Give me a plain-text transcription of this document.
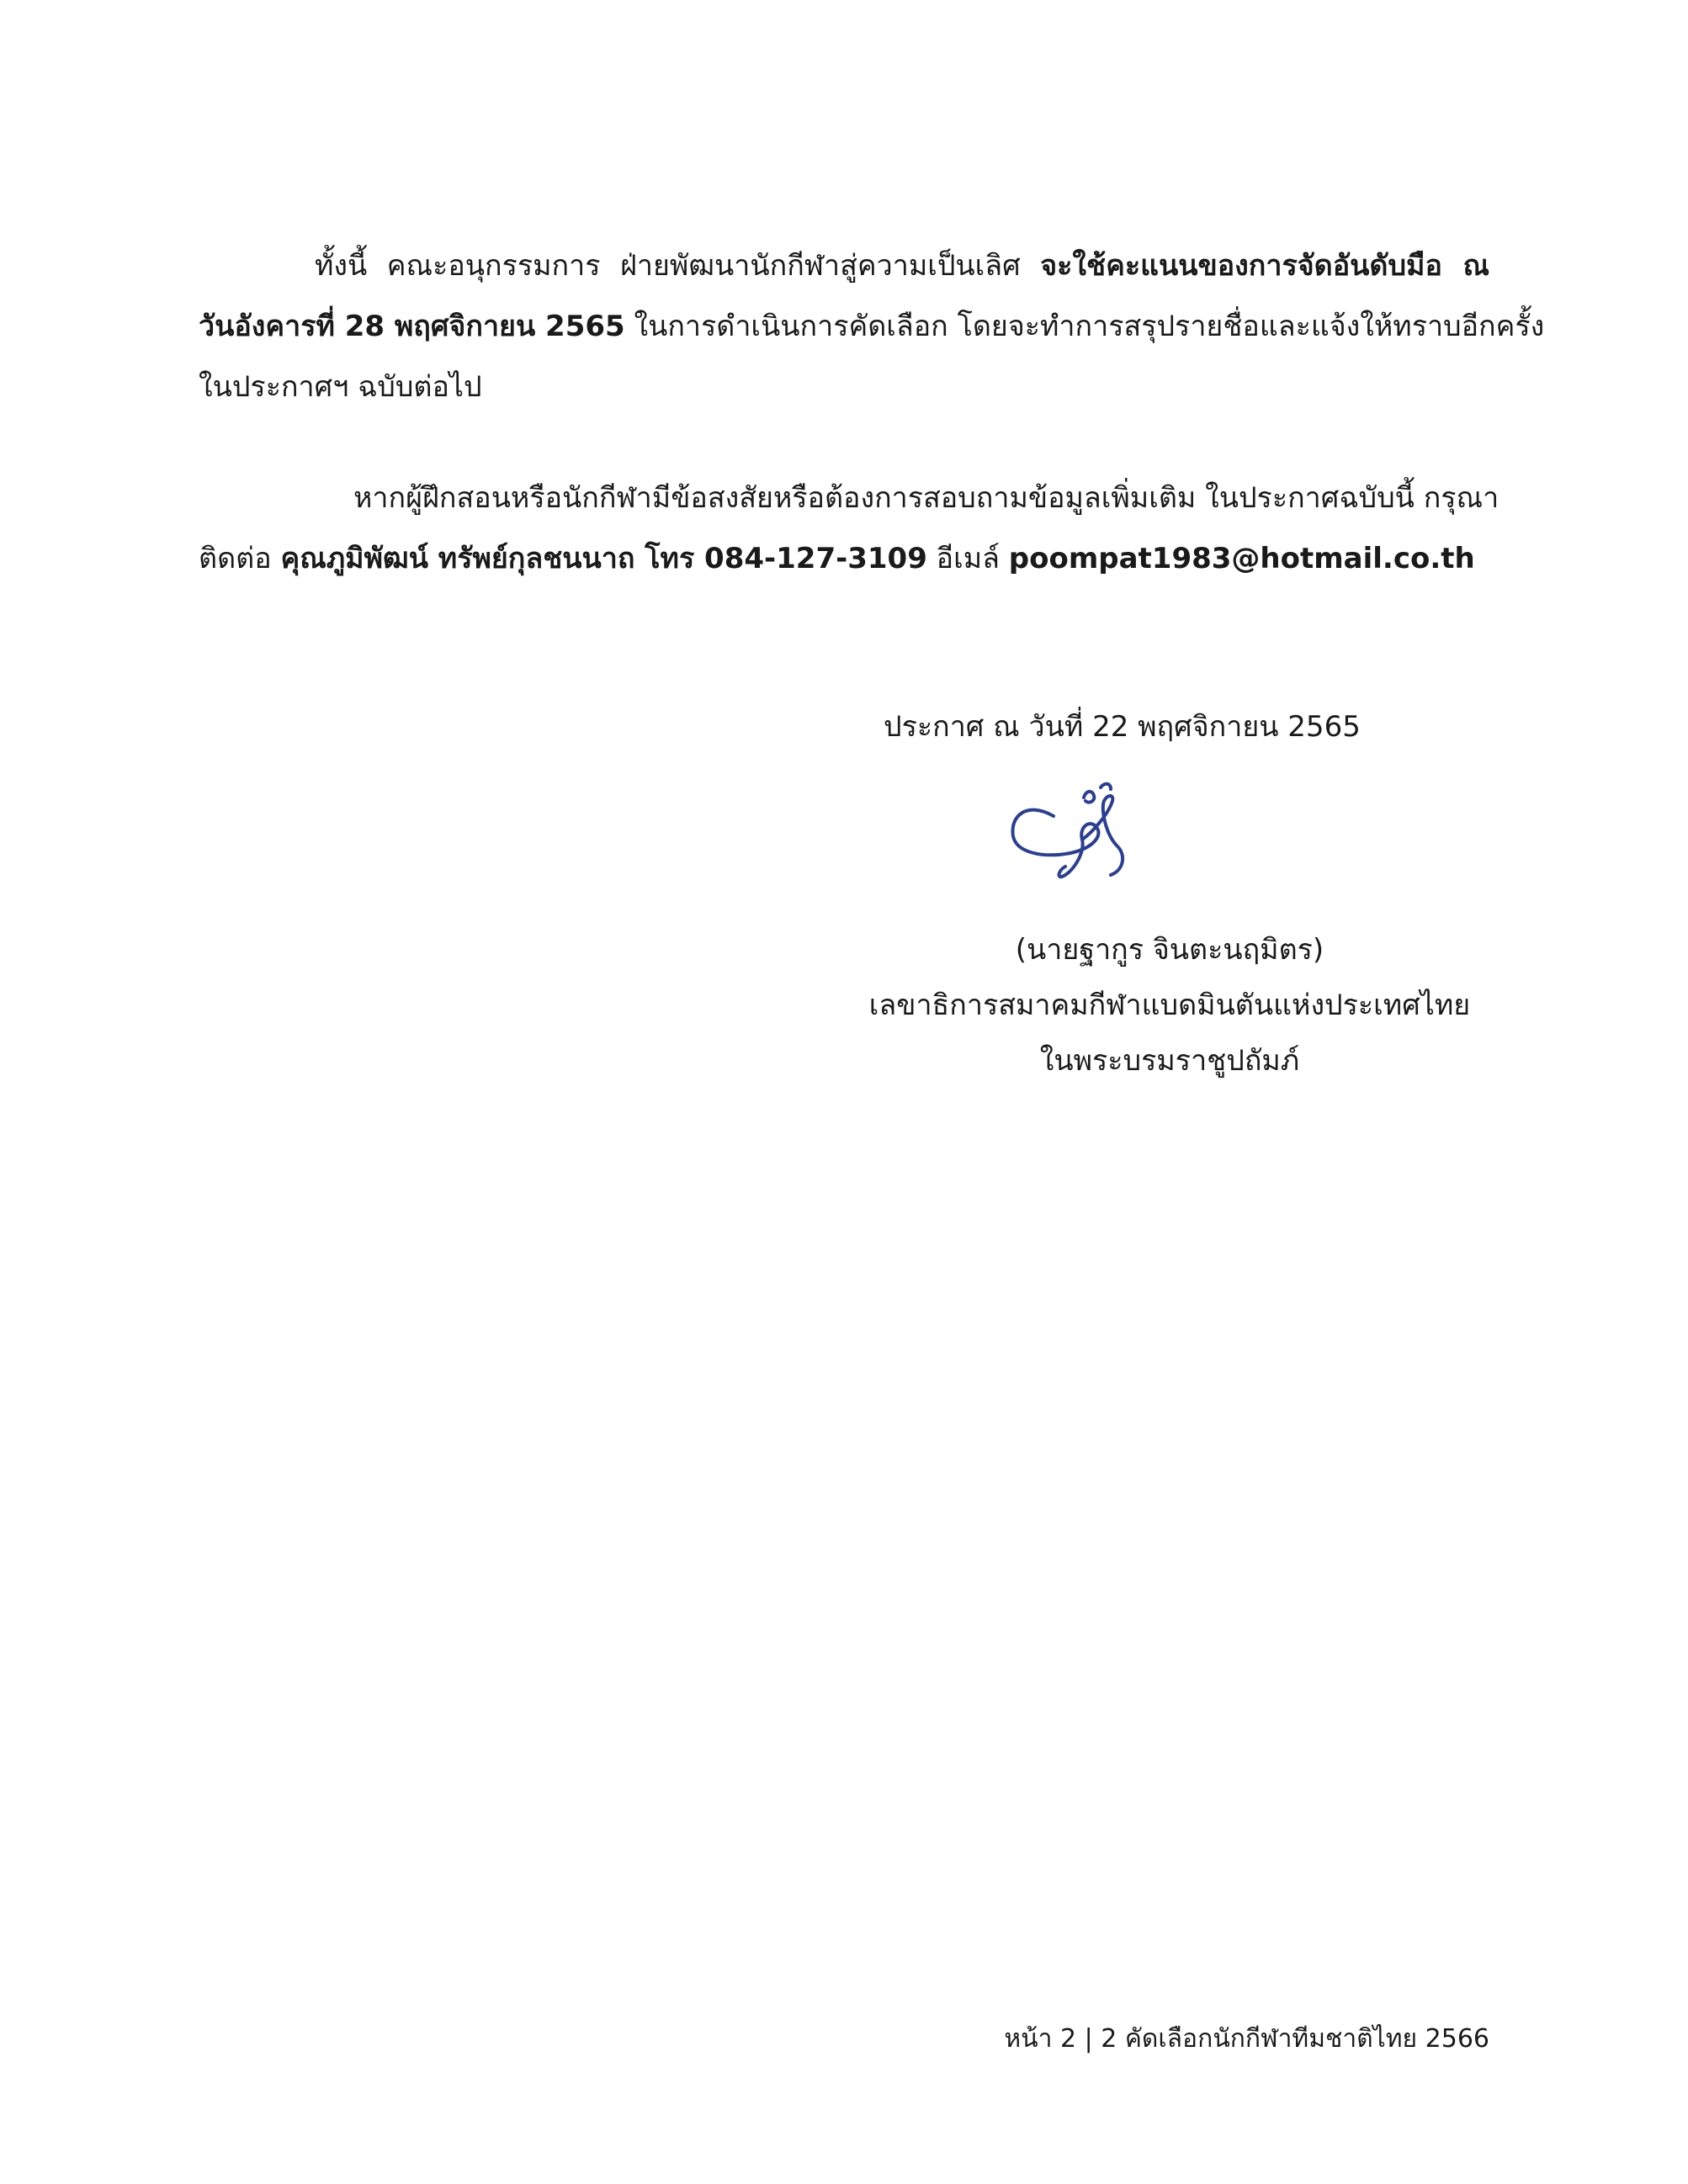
ทั้งนี้ คณะอนุกรรมการ ฝ่ายพัฒนานักกีฬาสู่ความเป็นเลิศ จะใช้คะแนนของการจัดอันดับมือ ณ
วันอังคารที่ 28 พฤศจิกายน 2565 ในการดำเนินการคัดเลือก โดยจะทำการสรุปรายชื่อและแจ้งให้ทราบอีกครั้ง
ในประกาศฯ ฉบับต่อไป
หากผู้ฝึกสอนหรือนักกีฬามีข้อสงสัยหรือต้องการสอบถามข้อมูลเพิ่มเติม ในประกาศฉบับนี้ กรุณา
ติดต่อ คุณภูมิพัฒน์ ทรัพย์กุลชนนาถ โทร 084-127-3109 อีเมล์ poompat1983@hotmail.co.th
ประกาศ ณ วันที่ 22 พฤศจิกายน 2565
(นายฐากูร จินตะนฤมิตร)
เลขาธิการสมาคมกีฬาแบดมินตันแห่งประเทศไทย
ในพระบรมราชูปถัมภ์
หน้า 2 | 2 คัดเลือกนักกีฬาทีมชาติไทย 2566
